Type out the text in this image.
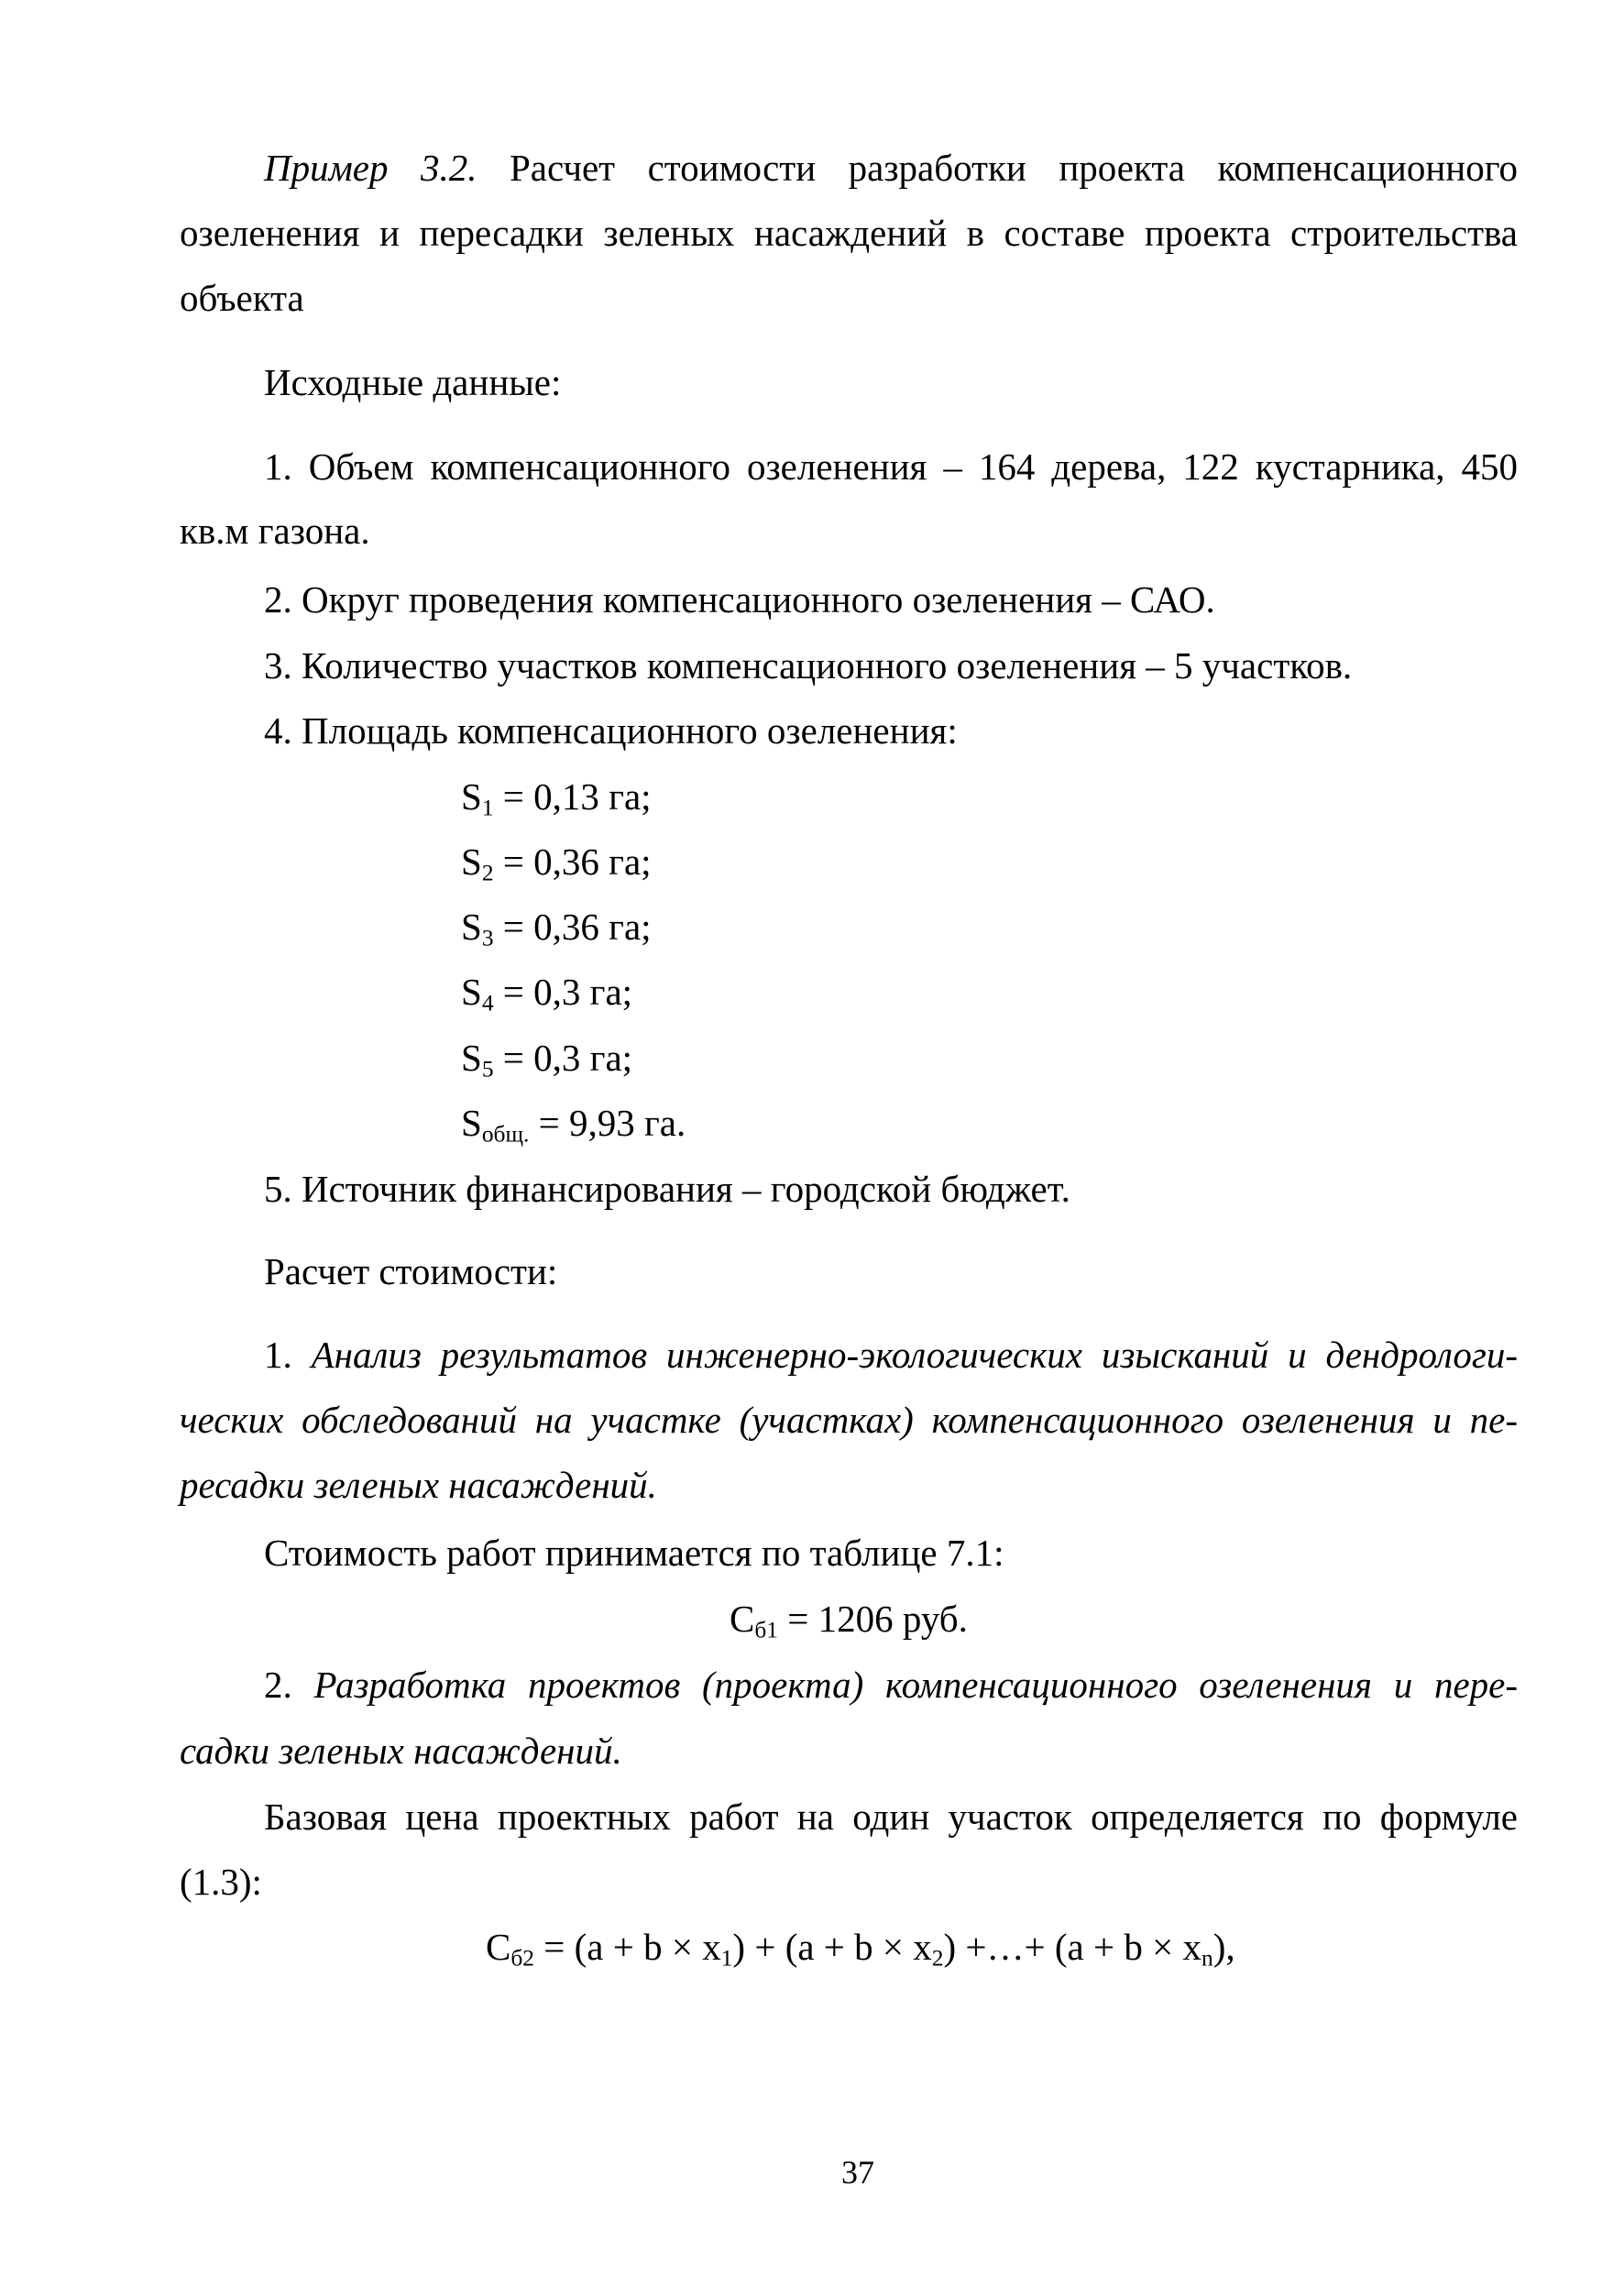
Пример 3.2. Расчет стоимости разработки проекта компенсационного

озеленения и пересадки зеленых насаждений в составе проекта строительства

объекта

Исходные данные:

1. Объем компенсационного озеленения – 164 дерева, 122 кустарника, 450

кв.м газона.

2. Округ проведения компенсационного озеленения – САО.

3. Количество участков компенсационного озеленения – 5 участков.

4. Площадь компенсационного озеленения:

$S_1 = 0,13$ га;

$S_2 = 0,36$ га;

$S_3 = 0,36$ га;

$S_4 = 0,3$ га;

$S_5 = 0,3$ га;

$S_{общ.} = 9,93$ га.

5. Источник финансирования – городской бюджет.

Расчет стоимости:

1. Анализ результатов инженерно-экологических изысканий и дендрологи-

ческих обследований на участке (участках) компенсационного озеленения и пе-

ресадки зеленых насаждений.

Стоимость работ принимается по таблице 7.1:

$С_{б1} = 1206$ руб.

2. Разработка проектов (проекта) компенсационного озеленения и пере-

садки зеленых насаждений.

Базовая цена проектных работ на один участок определяется по формуле

(1.3):

$С_{б2} = (a + b \times x_1) + (a + b \times x_2)$ +…+ $(a + b \times x_n)$,

37
